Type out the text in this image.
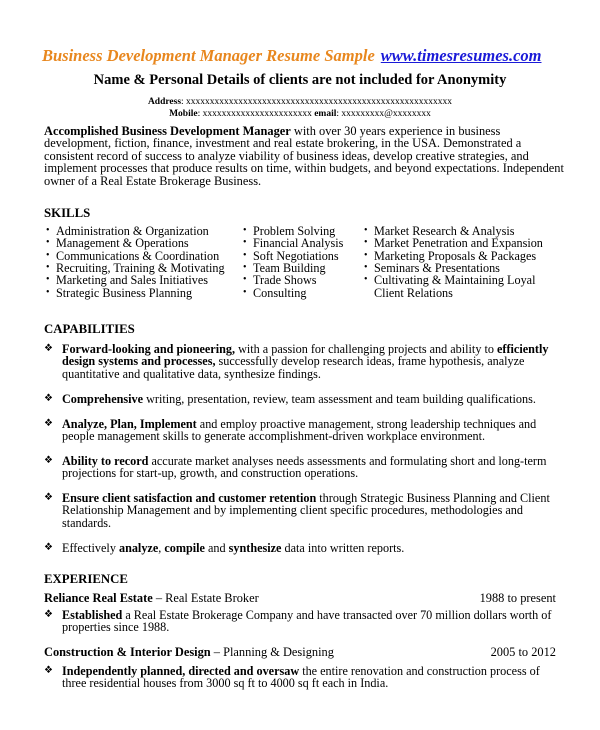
Business Development Manager Resume Sample www.timesresumes.com
Name & Personal Details of clients are not included for Anonymity
Address: xxxxxxxxxxxxxxxxxxxxxxxxxxxxxxxxxxxxxxxxxxxxxxxxxxxxxxxx
Mobile: xxxxxxxxxxxxxxxxxxxxxxx email: xxxxxxxxx@xxxxxxxx
Accomplished Business Development Manager with over 30 years experience in business development, fiction, finance, investment and real estate brokering, in the USA. Demonstrated a consistent record of success to analyze viability of business ideas, develop creative strategies, and implement processes that produce results on time, within budgets, and beyond expectations. Independent owner of a Real Estate Brokerage Business.
SKILLS
• Administration & Organization
• Management & Operations
• Communications & Coordination
• Recruiting, Training & Motivating
• Marketing and Sales Initiatives
• Strategic Business Planning
• Problem Solving
• Financial Analysis
• Soft Negotiations
• Team Building
• Trade Shows
• Consulting
• Market Research & Analysis
• Market Penetration and Expansion
• Marketing Proposals & Packages
• Seminars & Presentations
• Cultivating & Maintaining Loyal Client Relations
CAPABILITIES
❖ Forward-looking and pioneering, with a passion for challenging projects and ability to efficiently design systems and processes, successfully develop research ideas, frame hypothesis, analyze quantitative and qualitative data, synthesize findings.
❖ Comprehensive writing, presentation, review, team assessment and team building qualifications.
❖ Analyze, Plan, Implement and employ proactive management, strong leadership techniques and people management skills to generate accomplishment-driven workplace environment.
❖ Ability to record accurate market analyses needs assessments and formulating short and long-term projections for start-up, growth, and construction operations.
❖ Ensure client satisfaction and customer retention through Strategic Business Planning and Client Relationship Management and by implementing client specific procedures, methodologies and standards.
❖ Effectively analyze, compile and synthesize data into written reports.
EXPERIENCE
Reliance Real Estate – Real Estate Broker	1988 to present
❖ Established a Real Estate Brokerage Company and have transacted over 70 million dollars worth of properties since 1988.
Construction & Interior Design – Planning & Designing	2005 to 2012
❖ Independently planned, directed and oversaw the entire renovation and construction process of three residential houses from 3000 sq ft to 4000 sq ft each in India.
